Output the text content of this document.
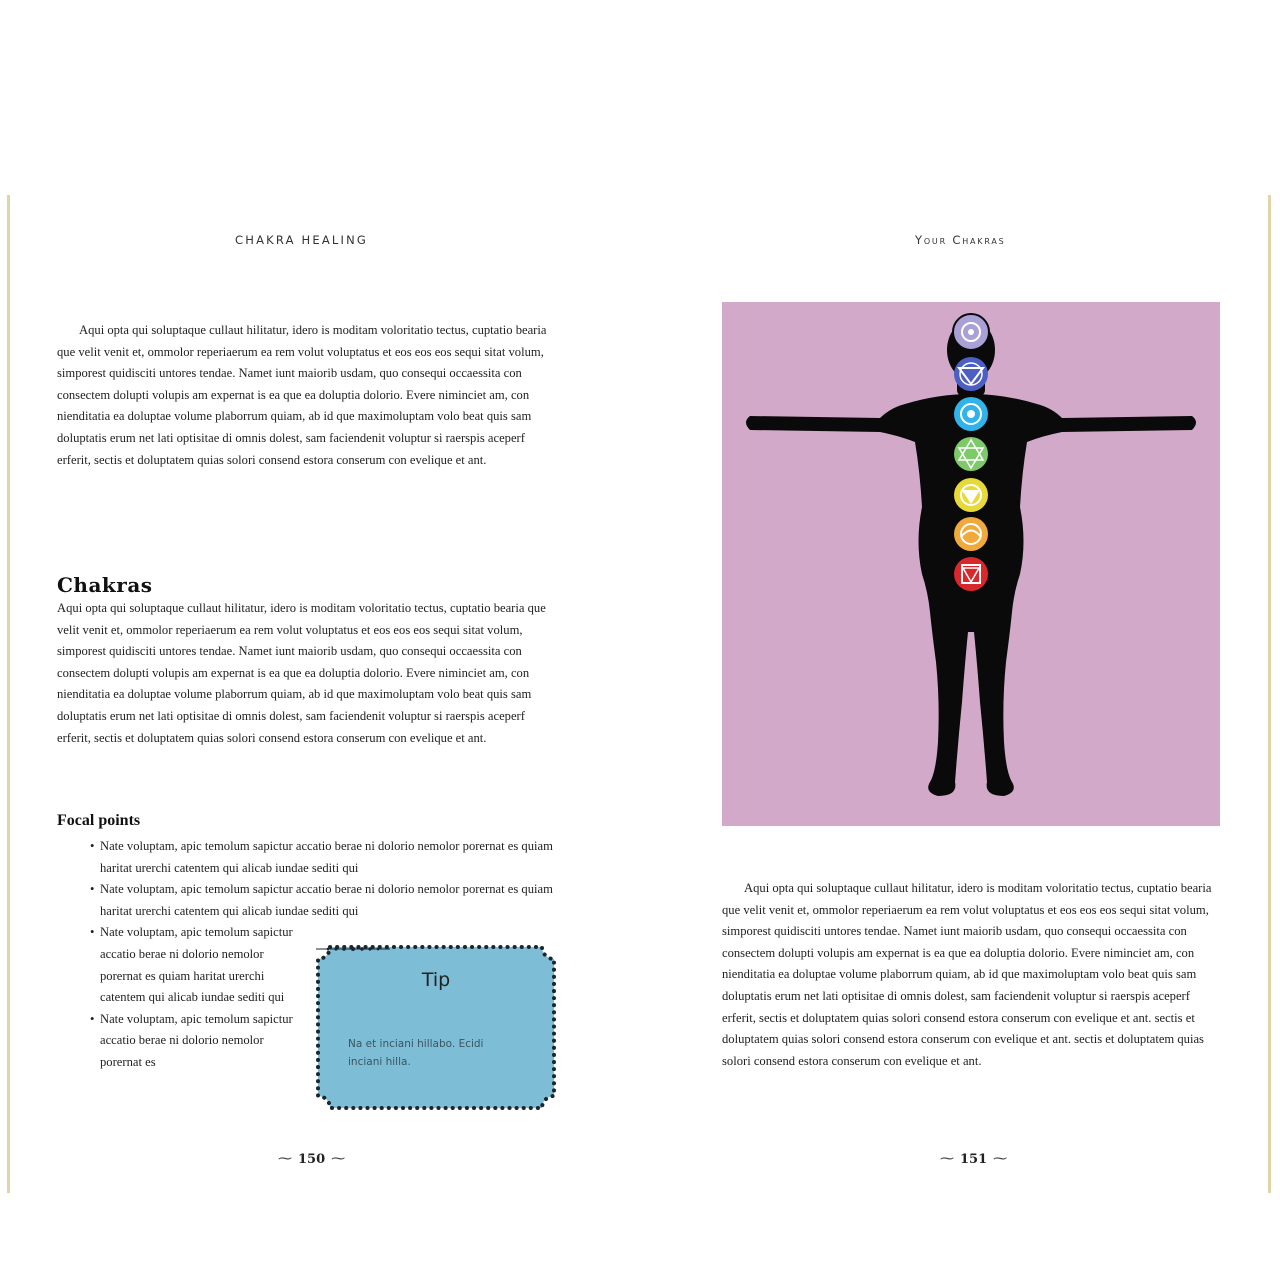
CHAKRA HEALING

Aqui opta qui soluptaque cullaut hilitatur, idero is moditam voloritatio tectus, cuptatio bearia que velit venit et, ommolor reperiaerum ea rem volut voluptatus et eos eos eos sequi sitat volum, simporest quidisciti untores tendae. Namet iunt maiorib usdam, quo consequi occaessita con consectem dolupti volupis am expernat is ea que ea doluptia dolorio. Evere niminciet am, con nienditatia ea doluptae volume plaborrum quiam, ab id que maximoluptam volo beat quis sam doluptatis erum net lati optisitae di omnis dolest, sam faciendenit voluptur si raerspis aceperf erferit, sectis et doluptatem quias solori consend estora conserum con evelique et ant.

Chakras

Aqui opta qui soluptaque cullaut hilitatur, idero is moditam voloritatio tectus, cuptatio bearia que velit venit et, ommolor reperiaerum ea rem volut voluptatus et eos eos eos sequi sitat volum, simporest quidisciti untores tendae. Namet iunt maiorib usdam, quo consequi occaessita con consectem dolupti volupis am expernat is ea que ea doluptia dolorio. Evere niminciet am, con nienditatia ea doluptae volume plaborrum quiam, ab id que maximoluptam volo beat quis sam doluptatis erum net lati optisitae di omnis dolest, sam faciendenit voluptur si raerspis aceperf erferit, sectis et doluptatem quias solori consend estora conserum con evelique et ant.

Focal points
• Nate voluptam, apic temolum sapictur accatio berae ni dolorio nemolor porernat es quiam haritat urerchi catentem qui alicab iundae sediti qui
• Nate voluptam, apic temolum sapictur accatio berae ni dolorio nemolor porernat es quiam haritat urerchi catentem qui alicab iundae sediti qui
• Nate voluptam, apic temolum sapictur accatio berae ni dolorio nemolor porernat es quiam haritat urerchi catentem qui alicab iundae sediti qui
• Nate voluptam, apic temolum sapictur accatio berae ni dolorio nemolor porernat es
Tip
Na et inciani hillabo. Ecidi inciani hilla.
⁓ 150 ⁓
Your Chakras

Aqui opta qui soluptaque cullaut hilitatur, idero is moditam voloritatio tectus, cuptatio bearia que velit venit et, ommolor reperiaerum ea rem volut voluptatus et eos eos eos sequi sitat volum, simporest quidisciti untores tendae. Namet iunt maiorib usdam, quo consequi occaessita con consectem dolupti volupis am expernat is ea que ea doluptia dolorio. Evere niminciet am, con nienditatia ea doluptae volume plaborrum quiam, ab id que maximoluptam volo beat quis sam doluptatis erum net lati optisitae di omnis dolest, sam faciendenit voluptur si raerspis aceperf erferit, sectis et doluptatem quias solori consend estora conserum con evelique et ant. sectis et doluptatem quias solori consend estora conserum con evelique et ant. sectis et doluptatem quias solori consend estora conserum con evelique et ant.

⁓ 151 ⁓
